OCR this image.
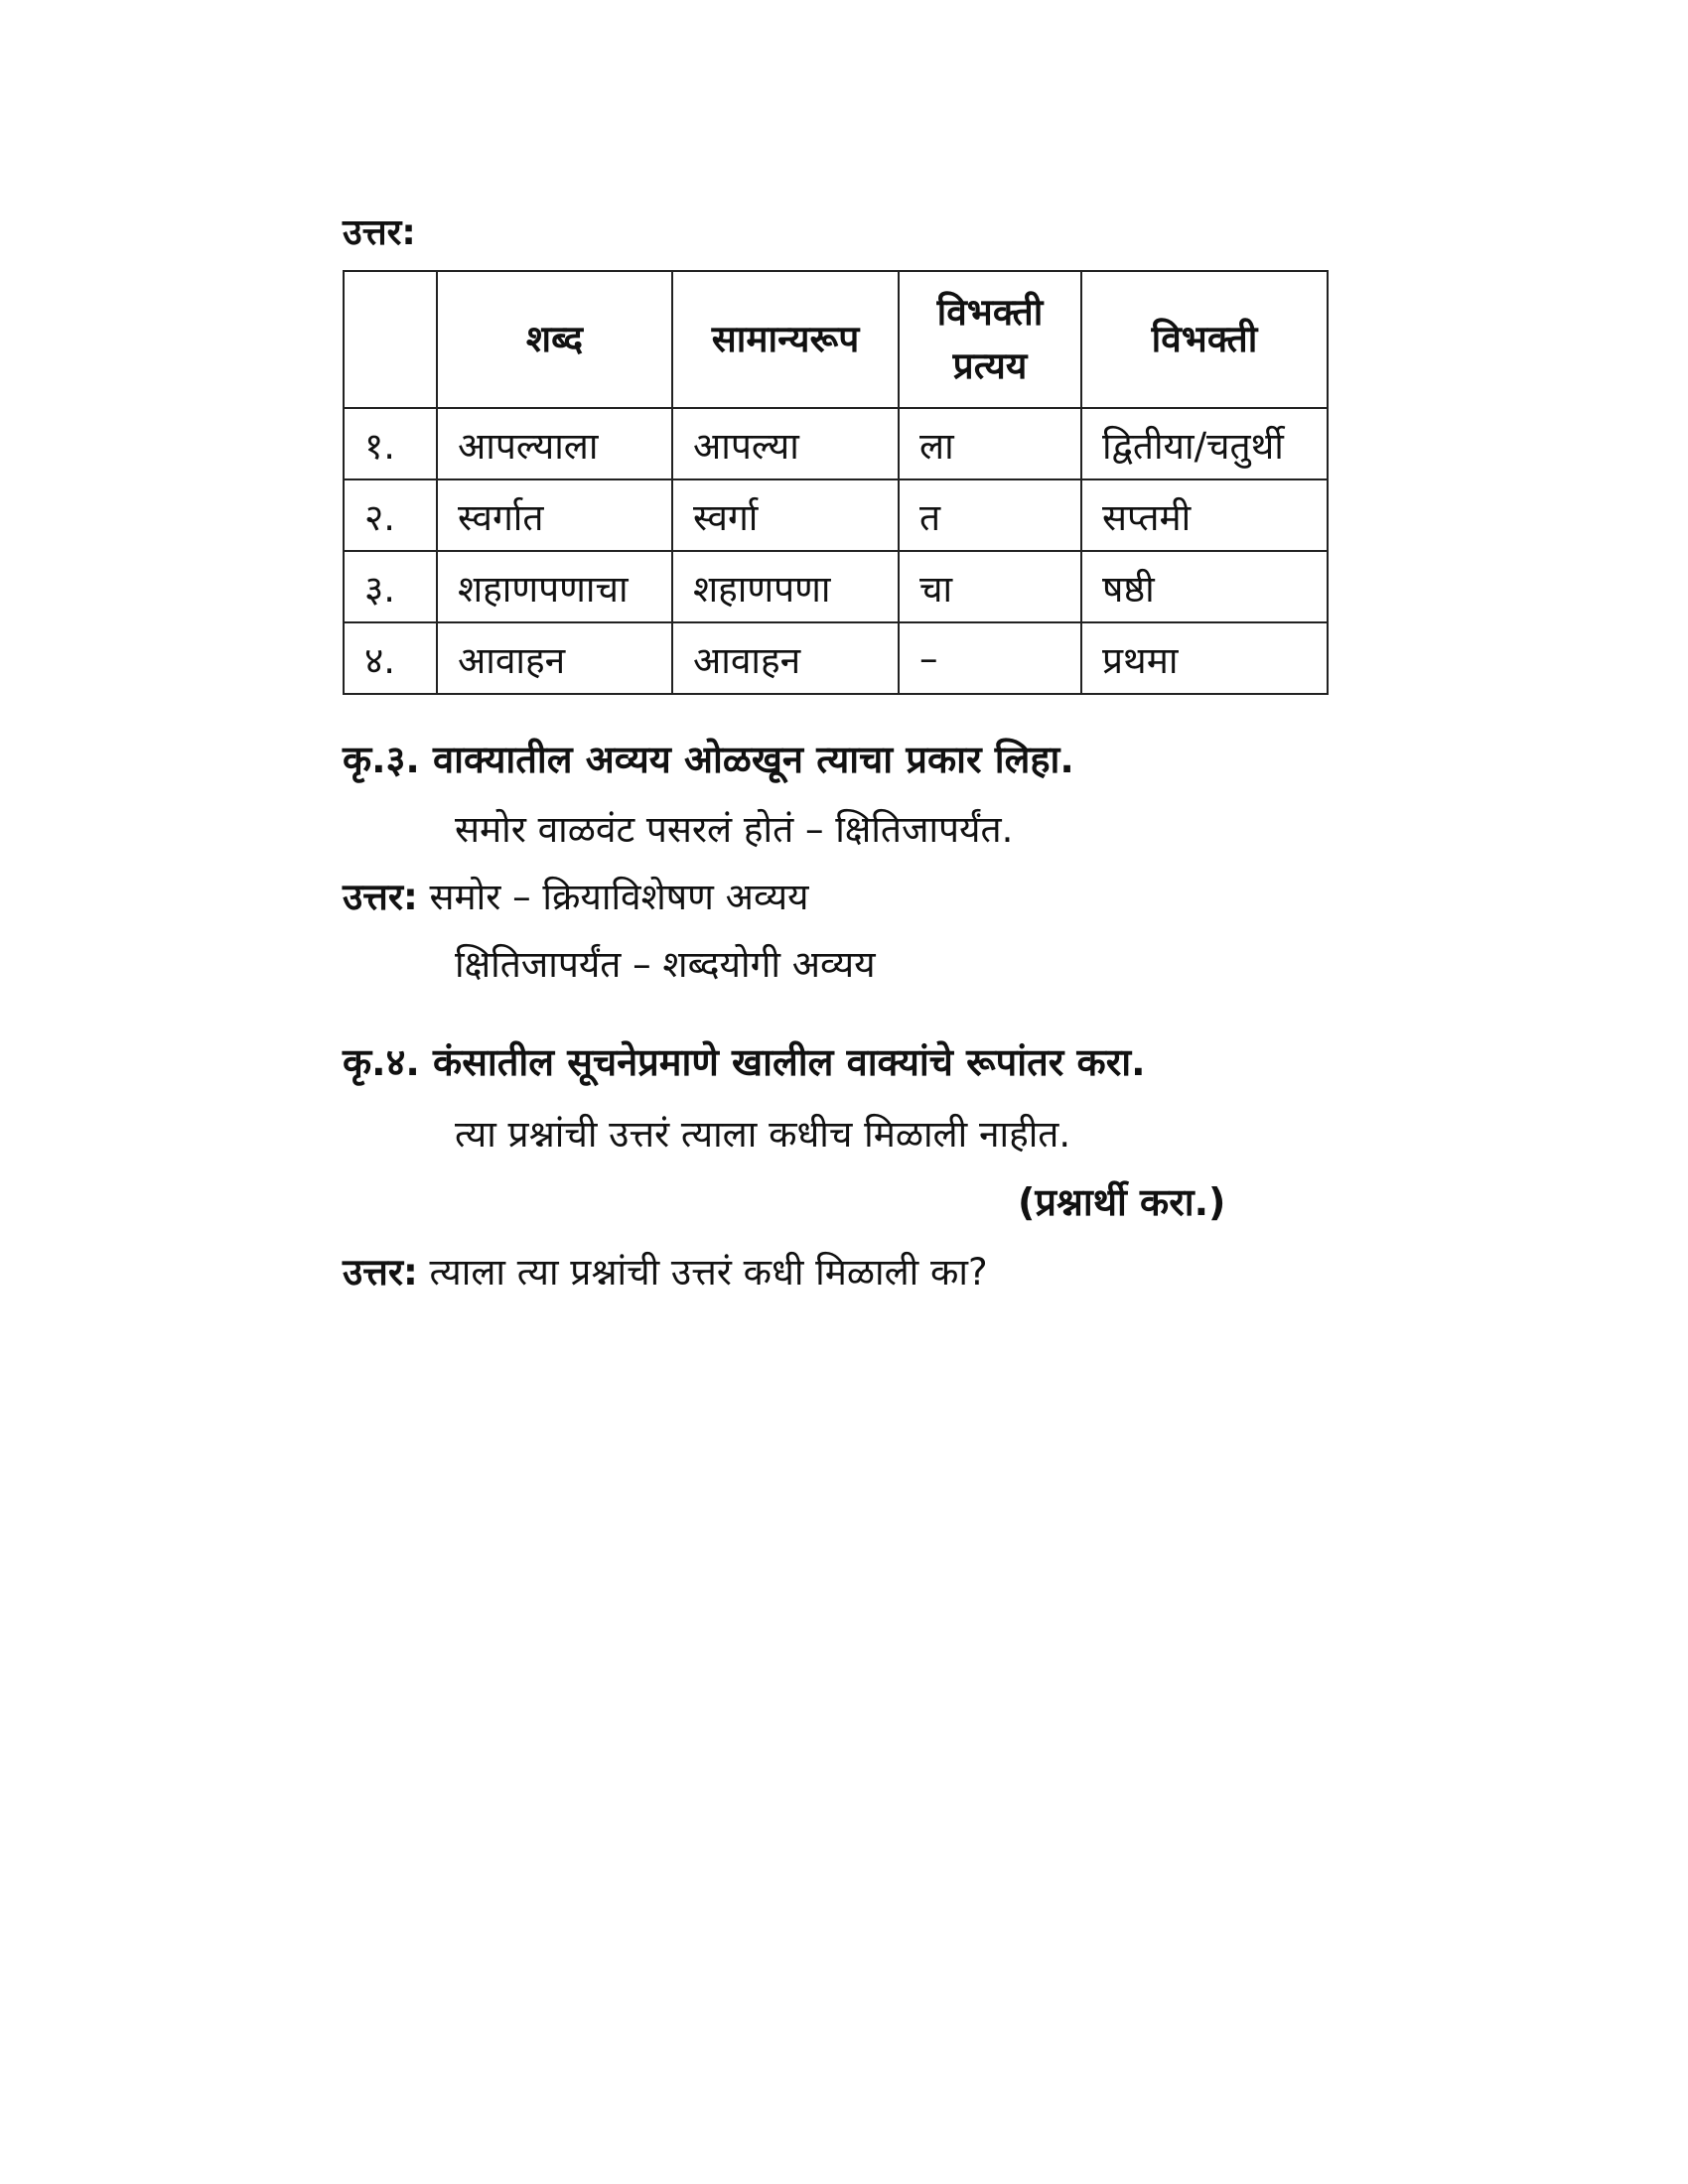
उत्तर:
	शब्द	सामान्यरूप	विभक्ती प्रत्यय	विभक्ती
१.	आपल्याला	आपल्या	ला	द्वितीया/चतुर्थी
२.	स्वर्गात	स्वर्गा	त	सप्तमी
३.	शहाणपणाचा	शहाणपणा	चा	षष्ठी
४.	आवाहन	आवाहन	–	प्रथमा
कृ.३. वाक्यातील अव्यय ओळखून त्याचा प्रकार लिहा.
समोर वाळवंट पसरलं होतं – क्षितिजापर्यंत.
उत्तर: समोर – क्रियाविशेषण अव्यय
क्षितिजापर्यंत – शब्दयोगी अव्यय
कृ.४. कंसातील सूचनेप्रमाणे खालील वाक्यांचे रूपांतर करा.
त्या प्रश्नांची उत्तरं त्याला कधीच मिळाली नाहीत.
(प्रश्नार्थी करा.)
उत्तर: त्याला त्या प्रश्नांची उत्तरं कधी मिळाली का?
